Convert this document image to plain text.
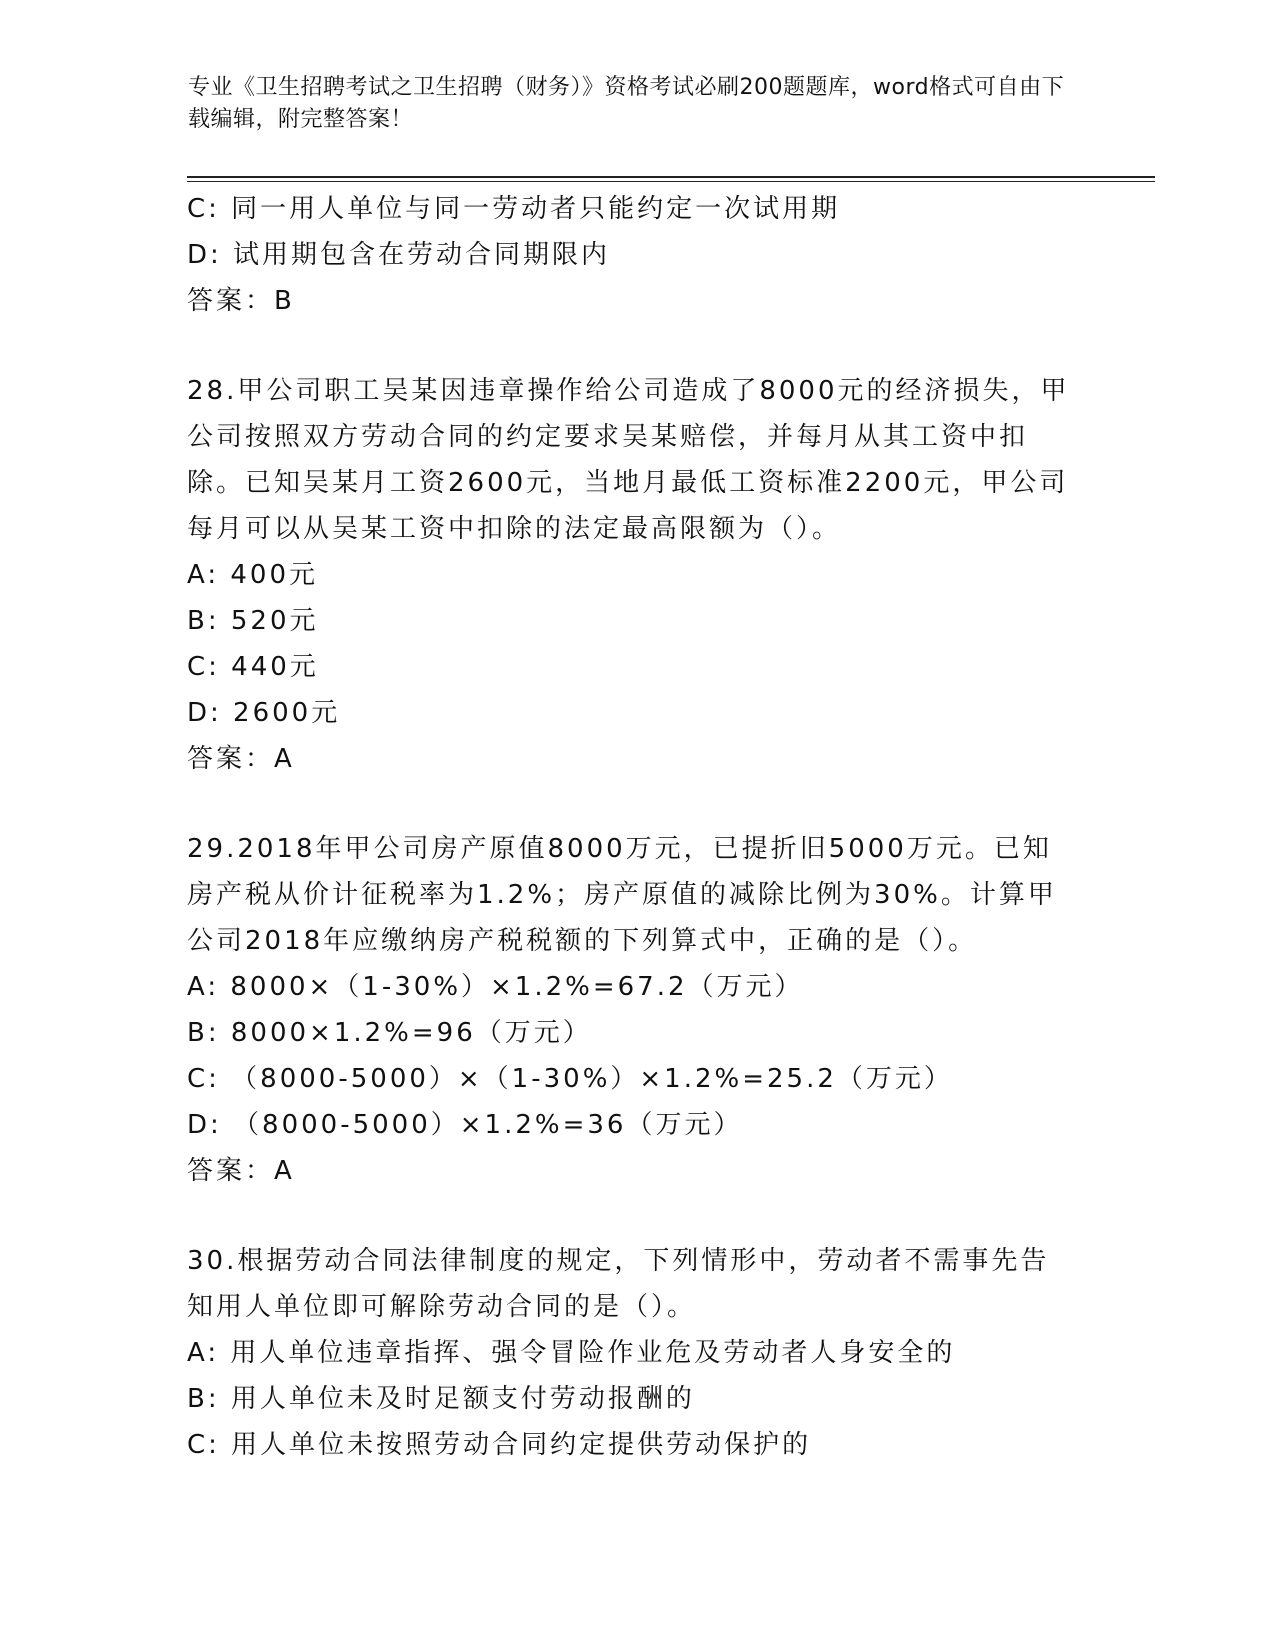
专业《卫生招聘考试之卫生招聘（财务）》资格考试必刷200题题库，word格式可自由下载编辑，附完整答案！
C: 同一用人单位与同一劳动者只能约定一次试用期
D: 试用期包含在劳动合同期限内
答案：B
28.甲公司职工吴某因违章操作给公司造成了8000元的经济损失，甲公司按照双方劳动合同的约定要求吴某赔偿，并每月从其工资中扣除。已知吴某月工资2600元，当地月最低工资标准2200元，甲公司每月可以从吴某工资中扣除的法定最高限额为（）。
A: 400元
B: 520元
C: 440元
D: 2600元
答案：A
29.2018年甲公司房产原值8000万元，已提折旧5000万元。已知房产税从价计征税率为1.2%；房产原值的减除比例为30%。计算甲公司2018年应缴纳房产税税额的下列算式中，正确的是（）。
A: 8000×（1-30%）×1.2%=67.2（万元）
B: 8000×1.2%=96（万元）
C: （8000-5000）×（1-30%）×1.2%=25.2（万元）
D: （8000-5000）×1.2%=36（万元）
答案：A
30.根据劳动合同法律制度的规定，下列情形中，劳动者不需事先告知用人单位即可解除劳动合同的是（）。
A: 用人单位违章指挥、强令冒险作业危及劳动者人身安全的
B: 用人单位未及时足额支付劳动报酬的
C: 用人单位未按照劳动合同约定提供劳动保护的
